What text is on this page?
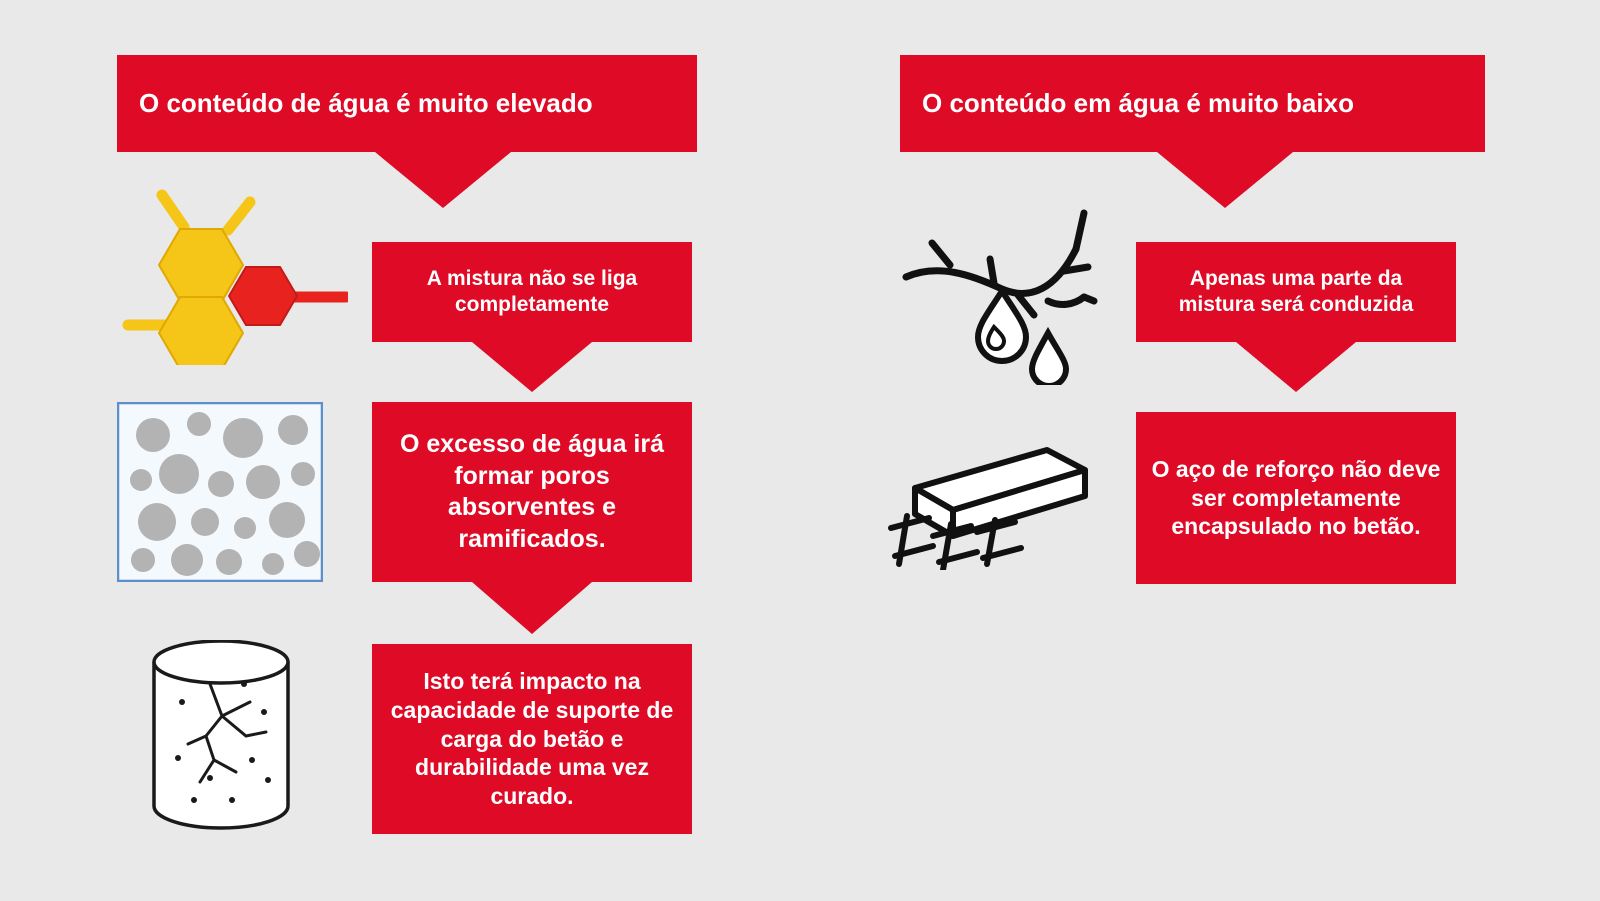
O conteúdo de água é muito elevado
A mistura não se liga completamente
O excesso de água irá formar poros absorventes e ramificados.
Isto terá impacto na capacidade de suporte de carga do betão e durabilidade uma vez curado.
O conteúdo em água é muito baixo
Apenas uma parte da mistura será conduzida
O aço de reforço não deve ser completamente encapsulado no betão.
